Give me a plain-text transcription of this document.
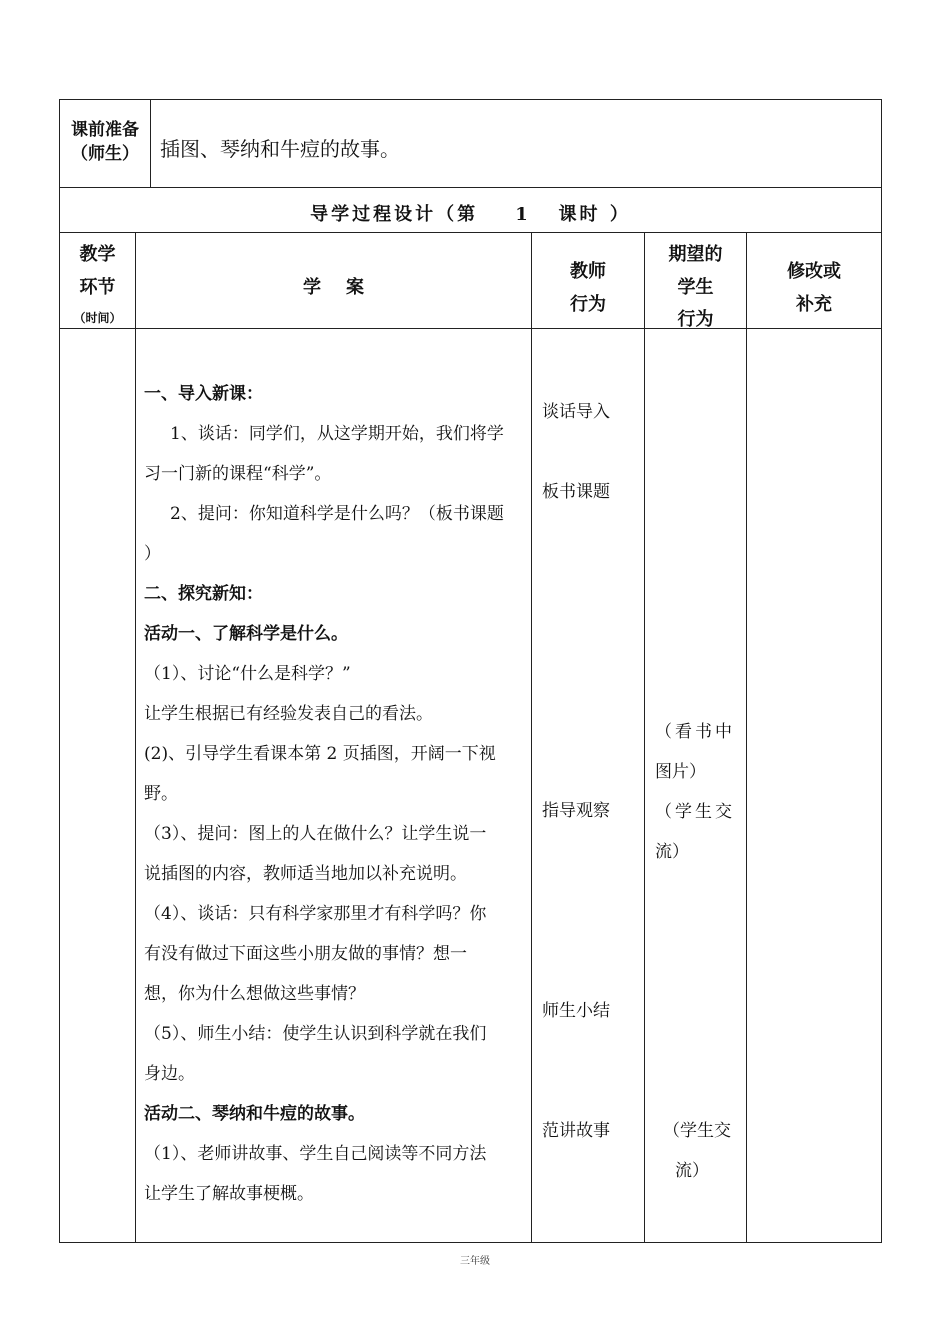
课前准备
（师生）	插图、琴纳和牛痘的故事。
导学过程设计（第    1   课时 ）
教学
环节
（时间）
学    案
教师
行为
期望的
学生
行为
修改或
补充

一、导入新课：

1、谈话：同学们，从这学期开始，我们将学

习一门新的课程“科学”。

2、提问：你知道科学是什么吗？（板书课题

）

二、探究新知：

活动一、了解科学是什么。

（1）、讨论“什么是科学？”

让学生根据已有经验发表自己的看法。

(2)、引导学生看课本第 2 页插图，开阔一下视

野。

（3）、提问：图上的人在做什么？让学生说一

说插图的内容，教师适当地加以补充说明。

（4）、谈话：只有科学家那里才有科学吗？你

有没有做过下面这些小朋友做的事情？想一

想，你为什么想做这些事情？

（5）、师生小结：使学生认识到科学就在我们

身边。

活动二、琴纳和牛痘的故事。

（1）、老师讲故事、学生自己阅读等不同方法

让学生了解故事梗概。

谈话导入
板书课题
指导观察
师生小结
范讲故事
（看书中
图片）
（学生交
流）
（学生交
流）
三年级
